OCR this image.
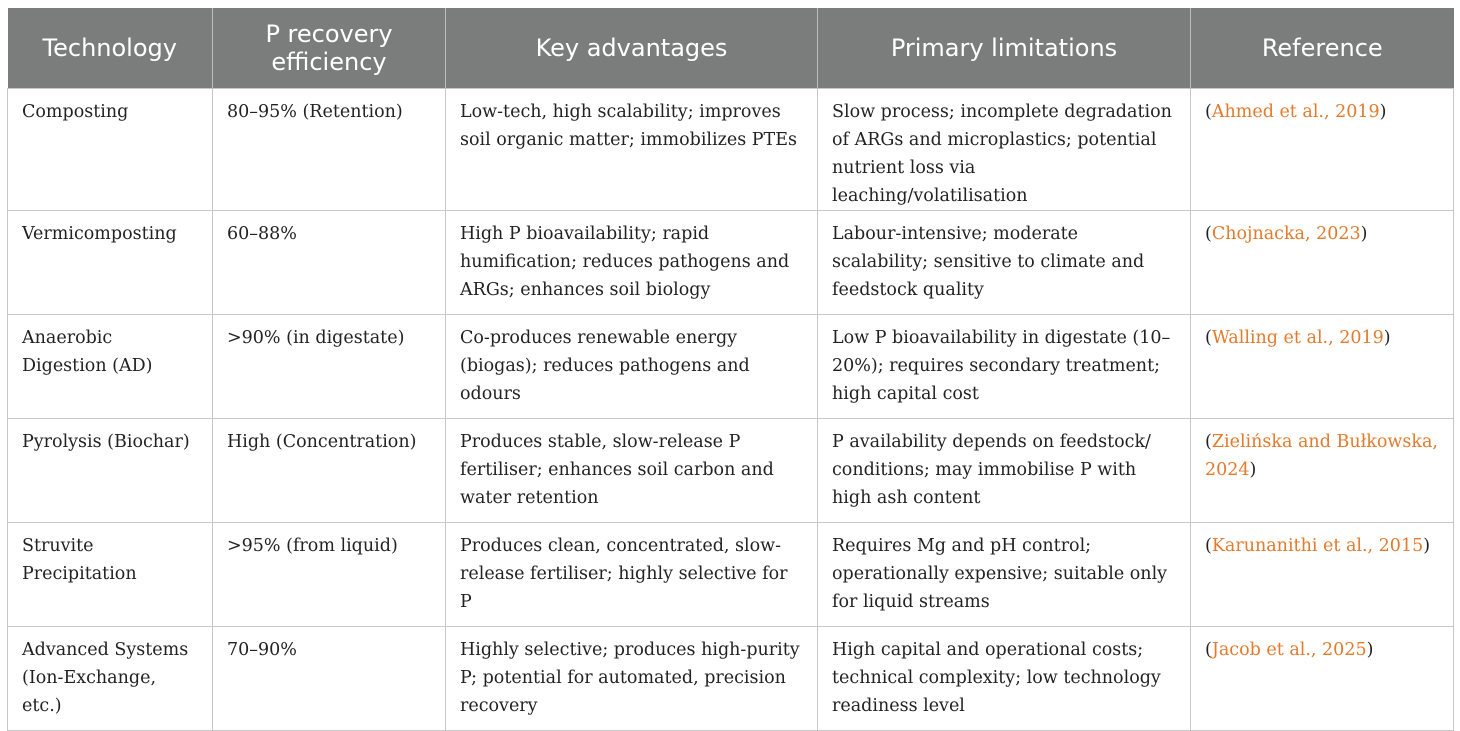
Technology	P recovery efficiency	Key advantages	Primary limitations	Reference
Composting	80–95% (Retention)	Low-tech, high scalability; improves soil organic matter; immobilizes PTEs	Slow process; incomplete degradation of ARGs and microplastics; potential nutrient loss via leaching/volatilisation	(Ahmed et al., 2019)
Vermicomposting	60–88%	High P bioavailability; rapid humification; reduces pathogens and ARGs; enhances soil biology	Labour-intensive; moderate scalability; sensitive to climate and feedstock quality	(Chojnacka, 2023)
Anaerobic Digestion (AD)	>90% (in digestate)	Co-produces renewable energy (biogas); reduces pathogens and odours	Low P bioavailability in digestate (10–20%); requires secondary treatment; high capital cost	(Walling et al., 2019)
Pyrolysis (Biochar)	High (Concentration)	Produces stable, slow-release P fertiliser; enhances soil carbon and water retention	P availability depends on feedstock/ conditions; may immobilise P with high ash content	(Zielińska and Bułkowska, 2024)
Struvite Precipitation	>95% (from liquid)	Produces clean, concentrated, slow-release fertiliser; highly selective for P	Requires Mg and pH control; operationally expensive; suitable only for liquid streams	(Karunanithi et al., 2015)
Advanced Systems (Ion-Exchange, etc.)	70–90%	Highly selective; produces high-purity P; potential for automated, precision recovery	High capital and operational costs; technical complexity; low technology readiness level	(Jacob et al., 2025)
